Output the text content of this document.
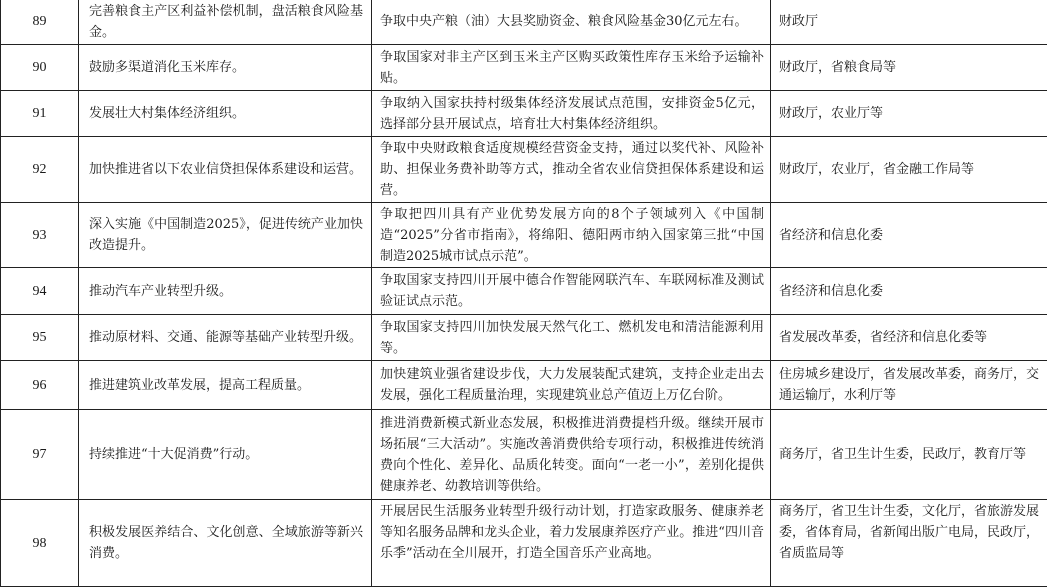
89	完善粮食主产区利益补偿机制，盘活粮食风险基金。	争取中央产粮（油）大县奖励资金、粮食风险基金30亿元左右。	财政厅
90	鼓励多渠道消化玉米库存。	争取国家对非主产区到玉米主产区购买政策性库存玉米给予运输补贴。	财政厅，省粮食局等
91	发展壮大村集体经济组织。	争取纳入国家扶持村级集体经济发展试点范围，安排资金5亿元，选择部分县开展试点，培育壮大村集体经济组织。	财政厅，农业厅等
92	加快推进省以下农业信贷担保体系建设和运营。	争取中央财政粮食适度规模经营资金支持，通过以奖代补、风险补助、担保业务费补助等方式，推动全省农业信贷担保体系建设和运营。	财政厅，农业厅，省金融工作局等
93	深入实施《中国制造2025》，促进传统产业加快改造提升。	争取把四川具有产业优势发展方向的8个子领域列入《中国制造“2025”分省市指南》，将绵阳、德阳两市纳入国家第三批“中国制造2025城市试点示范”。	省经济和信息化委
94	推动汽车产业转型升级。	争取国家支持四川开展中德合作智能网联汽车、车联网标准及测试验证试点示范。	省经济和信息化委
95	推动原材料、交通、能源等基础产业转型升级。	争取国家支持四川加快发展天然气化工、燃机发电和清洁能源利用等。	省发展改革委，省经济和信息化委等
96	推进建筑业改革发展，提高工程质量。	加快建筑业强省建设步伐，大力发展装配式建筑，支持企业走出去发展，强化工程质量治理，实现建筑业总产值迈上万亿台阶。	住房城乡建设厅，省发展改革委，商务厅，交通运输厅，水利厅等
97	持续推进“十大促消费”行动。	推进消费新模式新业态发展，积极推进消费提档升级。继续开展市场拓展“三大活动”。实施改善消费供给专项行动，积极推进传统消费向个性化、差异化、品质化转变。面向“一老一小”，差别化提供健康养老、幼教培训等供给。	商务厅，省卫生计生委，民政厅，教育厅等
98	积极发展医养结合、文化创意、全域旅游等新兴消费。	开展居民生活服务业转型升级行动计划，打造家政服务、健康养老等知名服务品牌和龙头企业，着力发展康养医疗产业。推进“四川音乐季”活动在全川展开，打造全国音乐产业高地。	商务厅，省卫生计生委，文化厅，省旅游发展委，省体育局，省新闻出版广电局，民政厅，省质监局等
